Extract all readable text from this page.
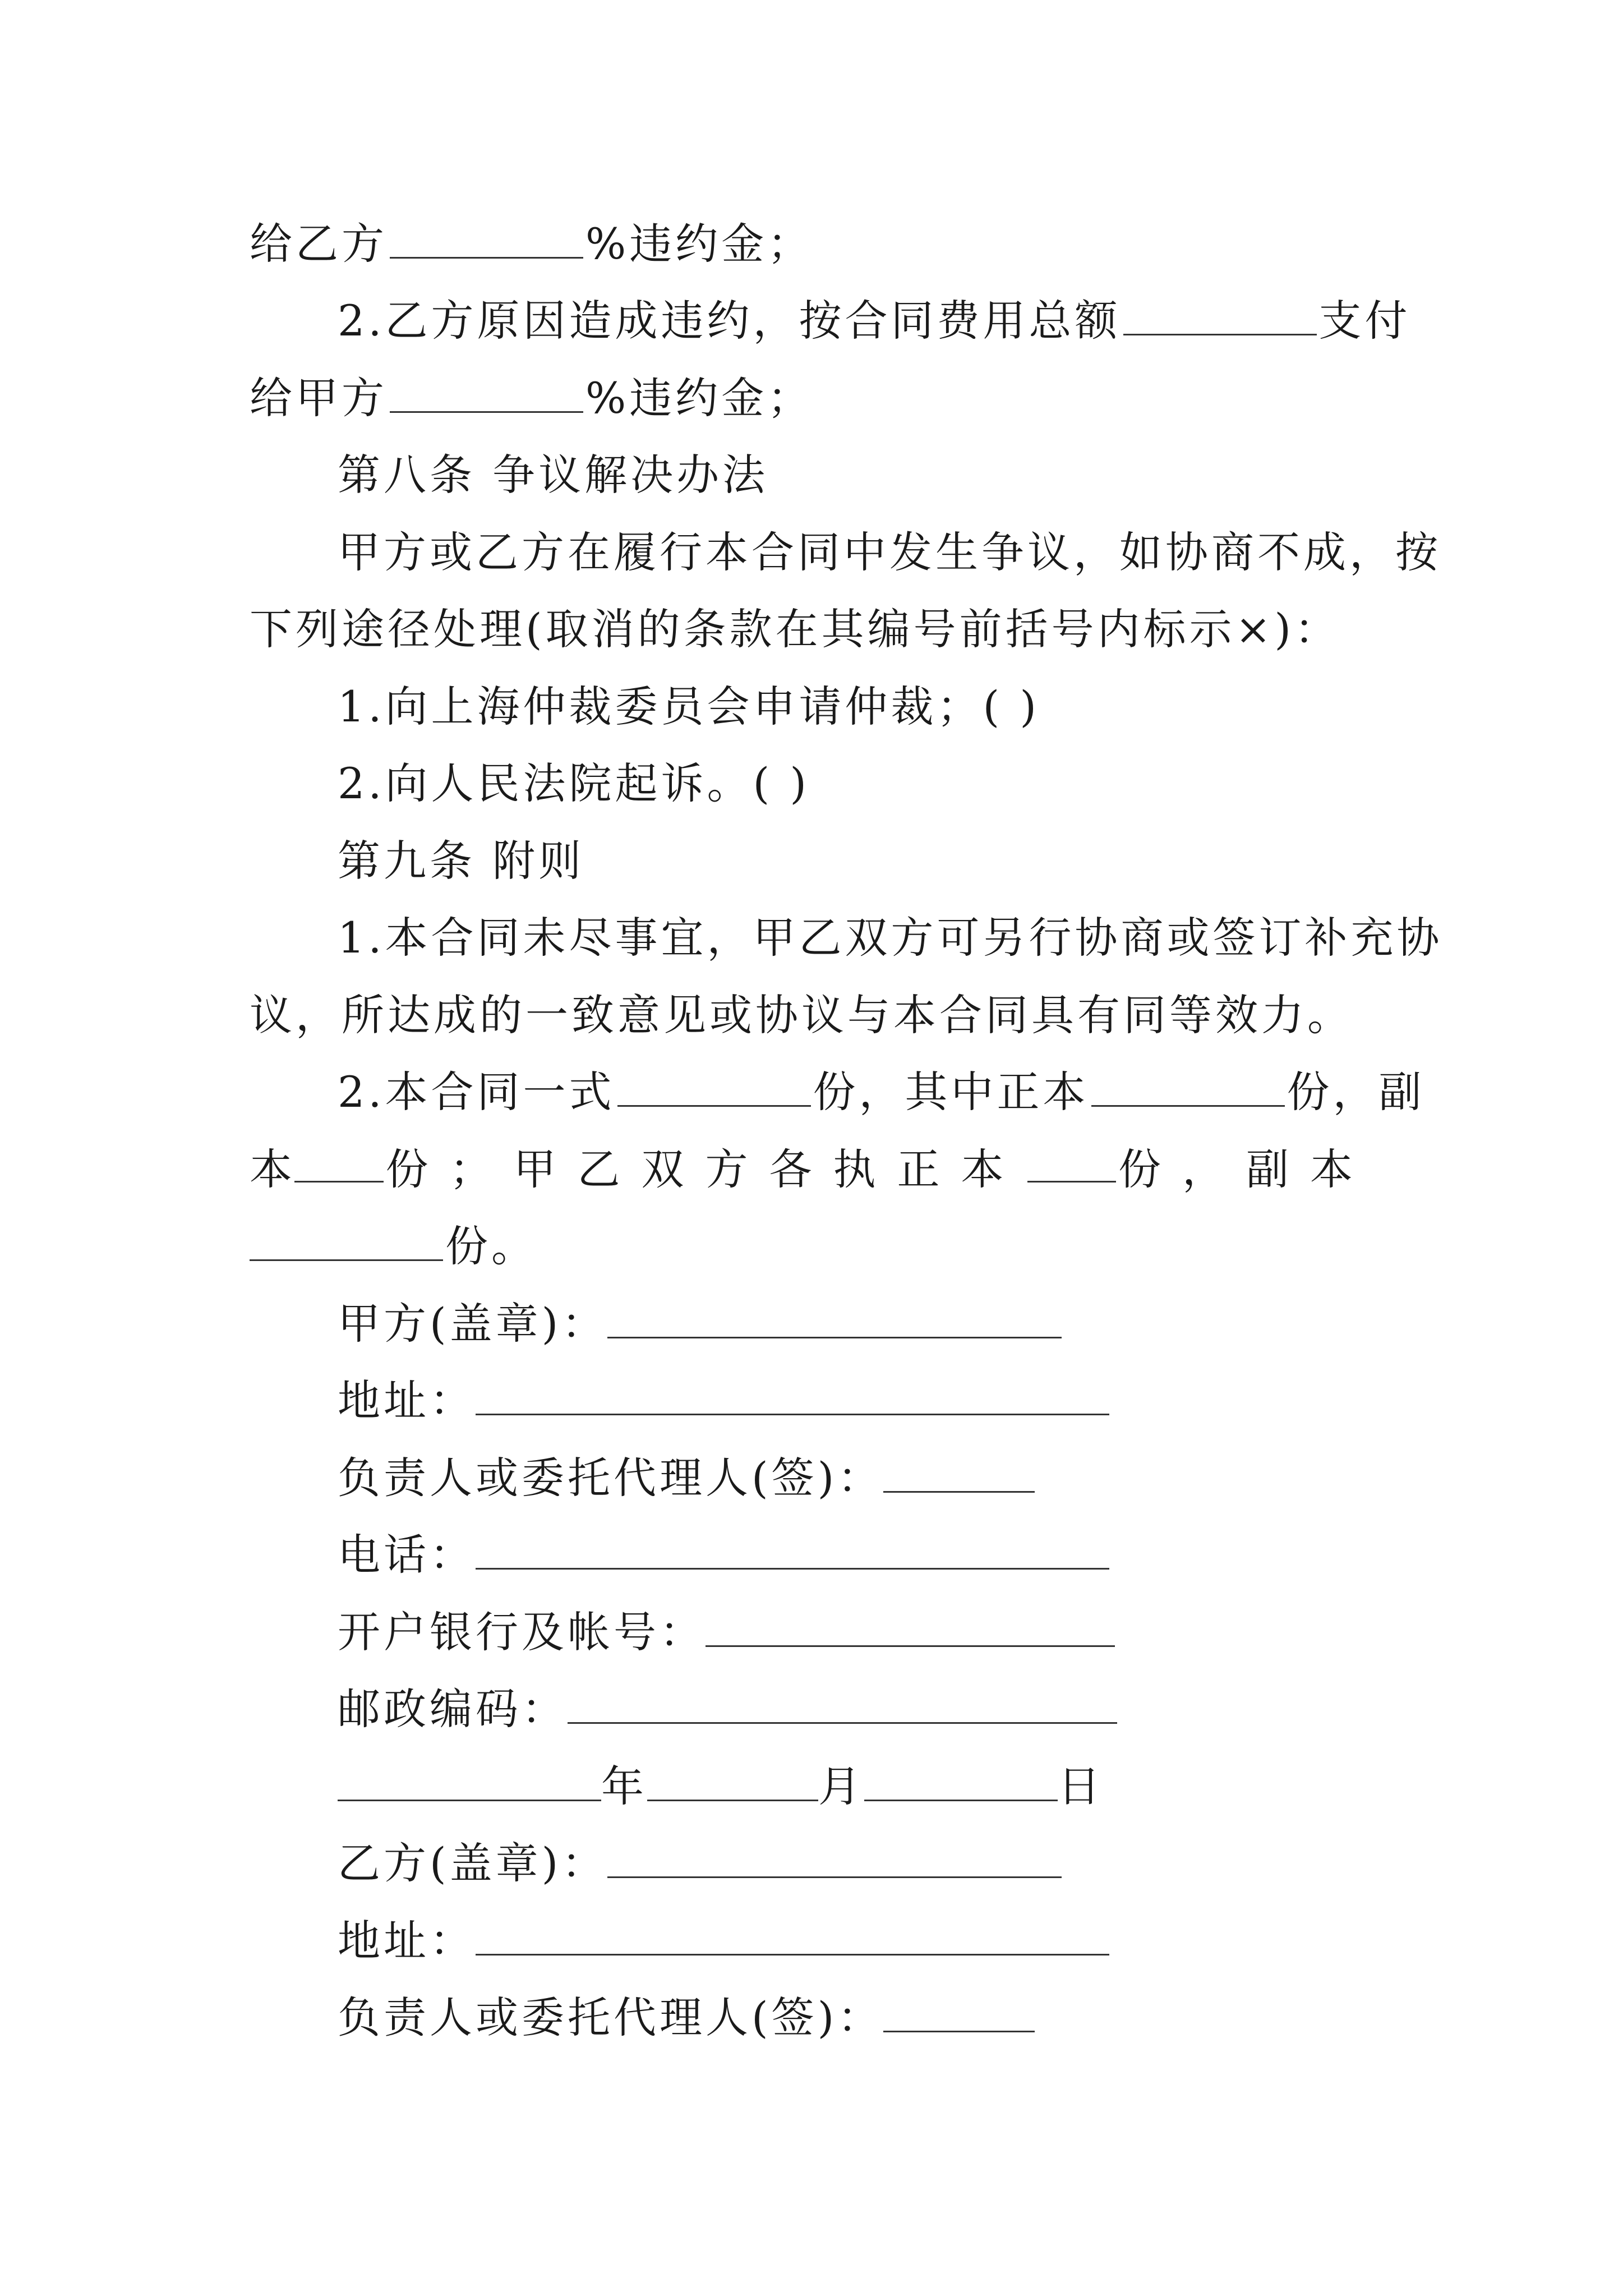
给乙方	%违约金；
2.乙方原因造成违约，按合同费用总额	支付
给甲方	%违约金；
第八条 争议解决办法
甲方或乙方在履行本合同中发生争议，如协商不成，按
下列途径处理(取消的条款在其编号前括号内标示×)：
1.向上海仲裁委员会申请仲裁；( )
2.向人民法院起诉。( )
第九条 附则
1.本合同未尽事宜，甲乙双方可另行协商或签订补充协
议，所达成的一致意见或协议与本合同具有同等效力。
2.本合同一式	份，其中正本	份，副
本 份；甲乙双方各执正本 份，副本
份。
甲方(盖章)：
地址：
负责人或委托代理人(签)：
电话：
开户银行及帐号：
邮政编码：
年	月	日
乙方(盖章)：
地址：
负责人或委托代理人(签)：
